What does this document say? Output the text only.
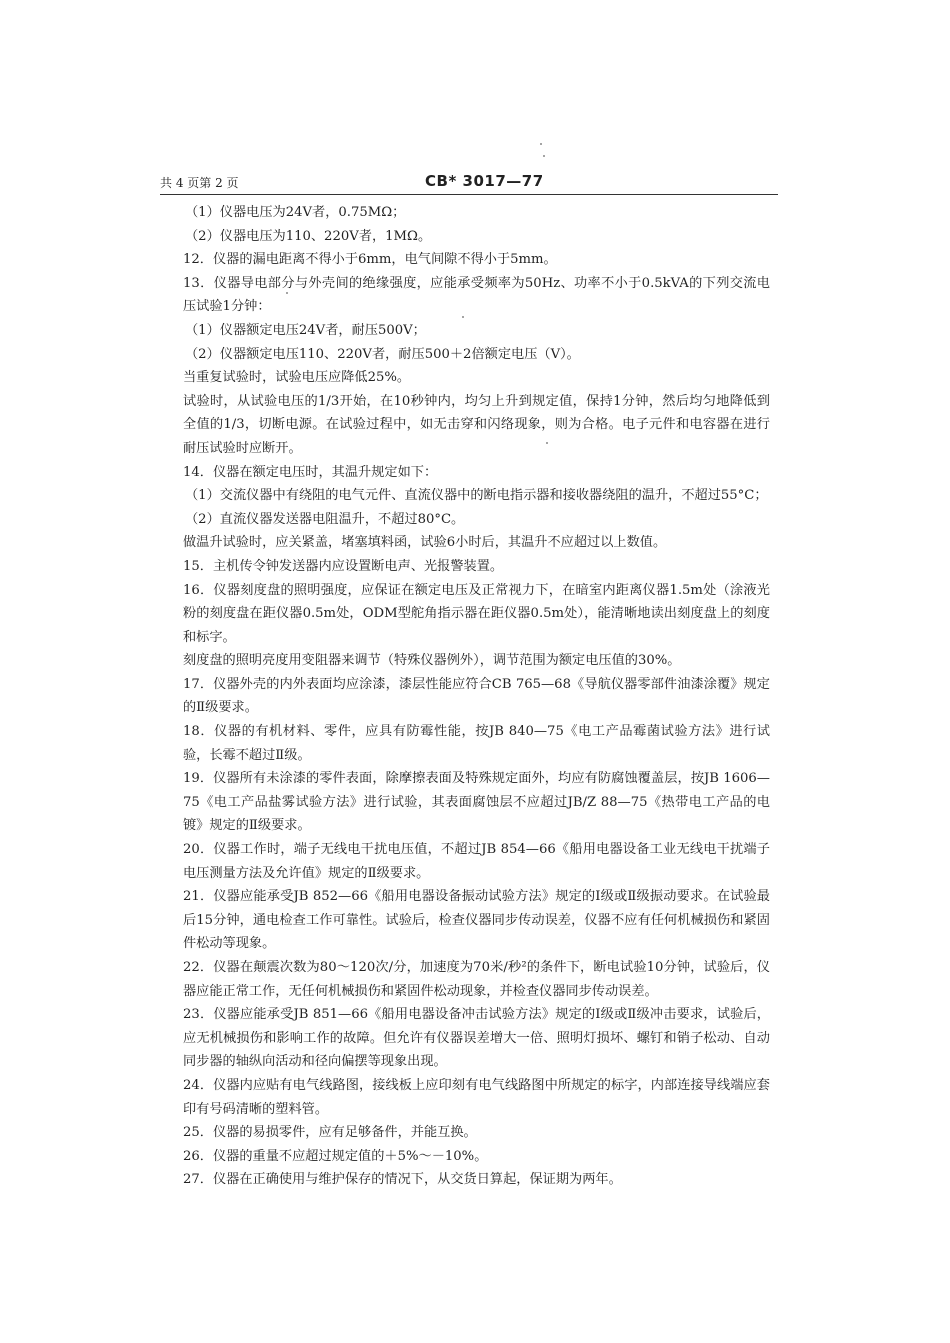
共 4 页第 2 页	CB* 3017—77

（1）仪器电压为24V者，0.75MΩ；

（2）仪器电压为110、220V者，1MΩ。

12．仪器的漏电距离不得小于6mm，电气间隙不得小于5mm。

13．仪器导电部分与外壳间的绝缘强度，应能承受频率为50Hz、功率不小于0.5kVA的下列交流电压试验1分钟：

（1）仪器额定电压24V者，耐压500V；

（2）仪器额定电压110、220V者，耐压500＋2倍额定电压（V）。

当重复试验时，试验电压应降低25%。

试验时，从试验电压的1/3开始，在10秒钟内，均匀上升到规定值，保持1分钟，然后均匀地降低到全值的1/3，切断电源。在试验过程中，如无击穿和闪络现象，则为合格。电子元件和电容器在进行耐压试验时应断开。

14．仪器在额定电压时，其温升规定如下：

（1）交流仪器中有绕阻的电气元件、直流仪器中的断电指示器和接收器绕阻的温升，不超过55°C；

（2）直流仪器发送器电阻温升，不超过80°C。

做温升试验时，应关紧盖，堵塞填料函，试验6小时后，其温升不应超过以上数值。

15．主机传令钟发送器内应设置断电声、光报警装置。

16．仪器刻度盘的照明强度，应保证在额定电压及正常视力下，在暗室内距离仪器1.5m处（涂液光粉的刻度盘在距仪器0.5m处，ODM型舵角指示器在距仪器0.5m处），能清晰地读出刻度盘上的刻度和标字。

刻度盘的照明亮度用变阻器来调节（特殊仪器例外），调节范围为额定电压值的30%。

17．仪器外壳的内外表面均应涂漆，漆层性能应符合CB 765—68《导航仪器零部件油漆涂覆》规定的Ⅱ级要求。

18．仪器的有机材料、零件，应具有防霉性能，按JB 840—75《电工产品霉菌试验方法》进行试验，长霉不超过Ⅱ级。

19．仪器所有未涂漆的零件表面，除摩擦表面及特殊规定面外，均应有防腐蚀覆盖层，按JB 1606—75《电工产品盐雾试验方法》进行试验，其表面腐蚀层不应超过JB/Z 88—75《热带电工产品的电镀》规定的Ⅱ级要求。

20．仪器工作时，端子无线电干扰电压值，不超过JB 854—66《船用电器设备工业无线电干扰端子电压测量方法及允许值》规定的Ⅱ级要求。

21．仪器应能承受JB 852—66《船用电器设备振动试验方法》规定的Ⅰ级或Ⅱ级振动要求。在试验最后15分钟，通电检查工作可靠性。试验后，检查仪器同步传动误差，仪器不应有任何机械损伤和紧固件松动等现象。

22．仪器在颠震次数为80～120次/分，加速度为70米/秒²的条件下，断电试验10分钟，试验后，仪器应能正常工作，无任何机械损伤和紧固件松动现象，并检查仪器同步传动误差。

23．仪器应能承受JB 851—66《船用电器设备冲击试验方法》规定的Ⅰ级或Ⅱ级冲击要求，试验后，应无机械损伤和影响工作的故障。但允许有仪器误差增大一倍、照明灯损坏、螺钉和销子松动、自动同步器的轴纵向活动和径向偏摆等现象出现。

24．仪器内应贴有电气线路图，接线板上应印刻有电气线路图中所规定的标字，内部连接导线端应套印有号码清晰的塑料管。

25．仪器的易损零件，应有足够备件，并能互换。

26．仪器的重量不应超过规定值的＋5%～－10%。

27．仪器在正确使用与维护保存的情况下，从交货日算起，保证期为两年。
